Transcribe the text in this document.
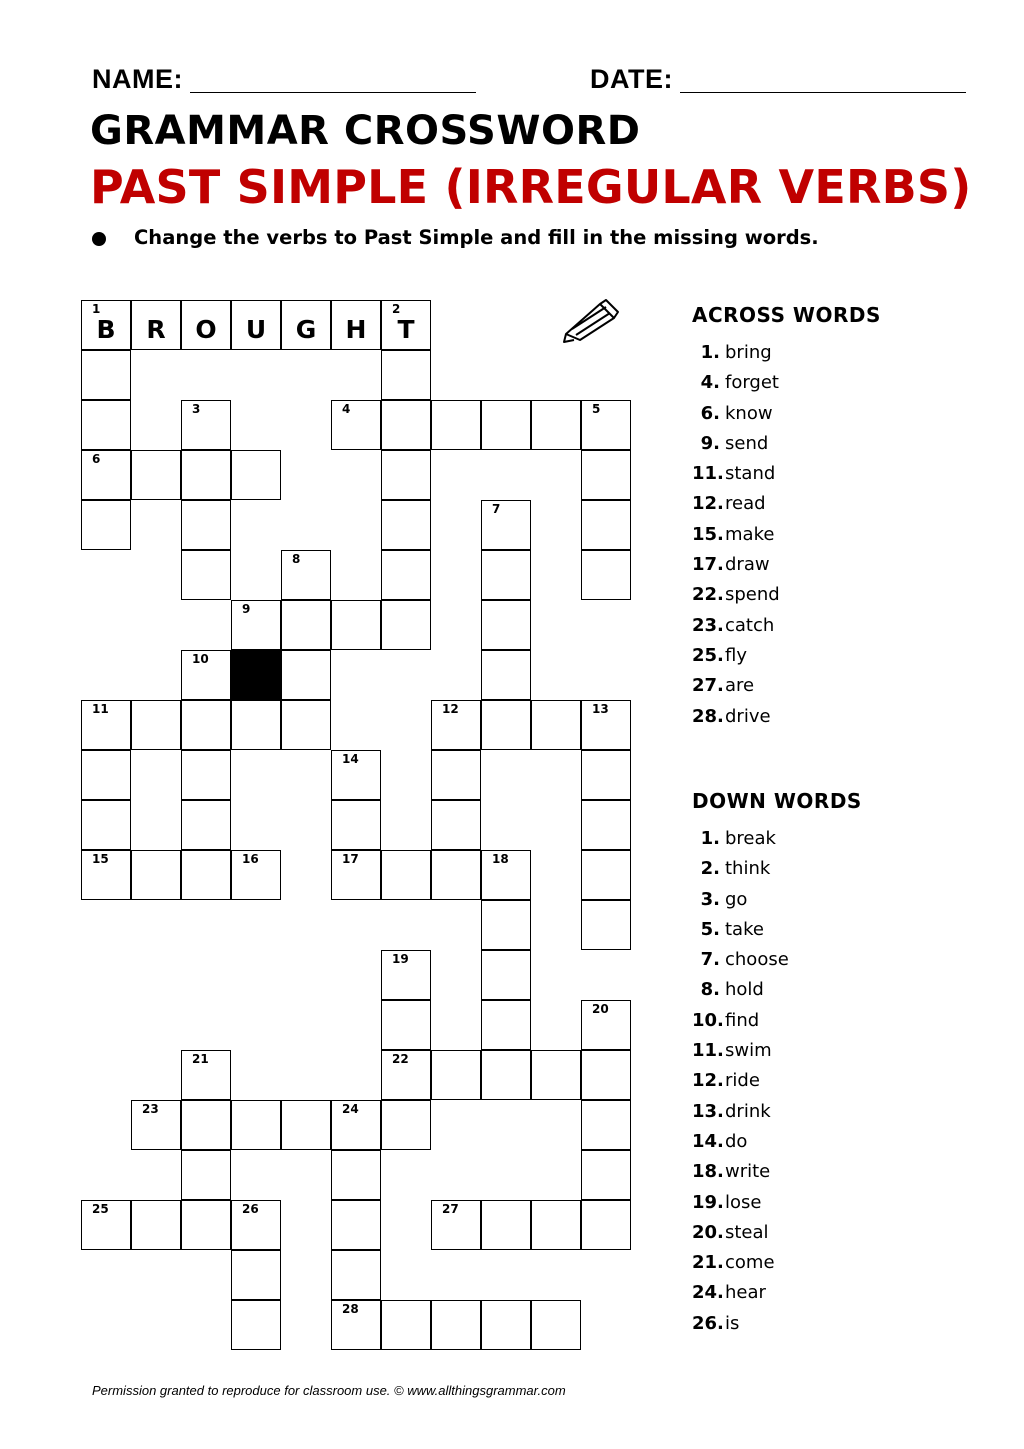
NAME:	DATE:
GRAMMAR CROSSWORD
PAST SIMPLE (IRREGULAR VERBS)
Change the verbs to Past Simple and fill in the missing words.
1
B	R	O	U	G	H
2
T
3	4	5
6
7
8
9
10
11	12	13
14
15	16	17	18
19
20
21	22
23	24
25	26	27
28
ACROSS WORDS
1. bring
4. forget
6. know
9. send
11.stand
12.read
15.make
17.draw
22.spend
23.catch
25.fly
27.are
28.drive
DOWN WORDS
1. break
2. think
3. go
5. take
7. choose
8. hold
10.find
11.swim
12.ride
13.drink
14.do
18.write
19.lose
20.steal
21.come
24.hear
26.is
Permission granted to reproduce for classroom use. © www.allthingsgrammar.com
